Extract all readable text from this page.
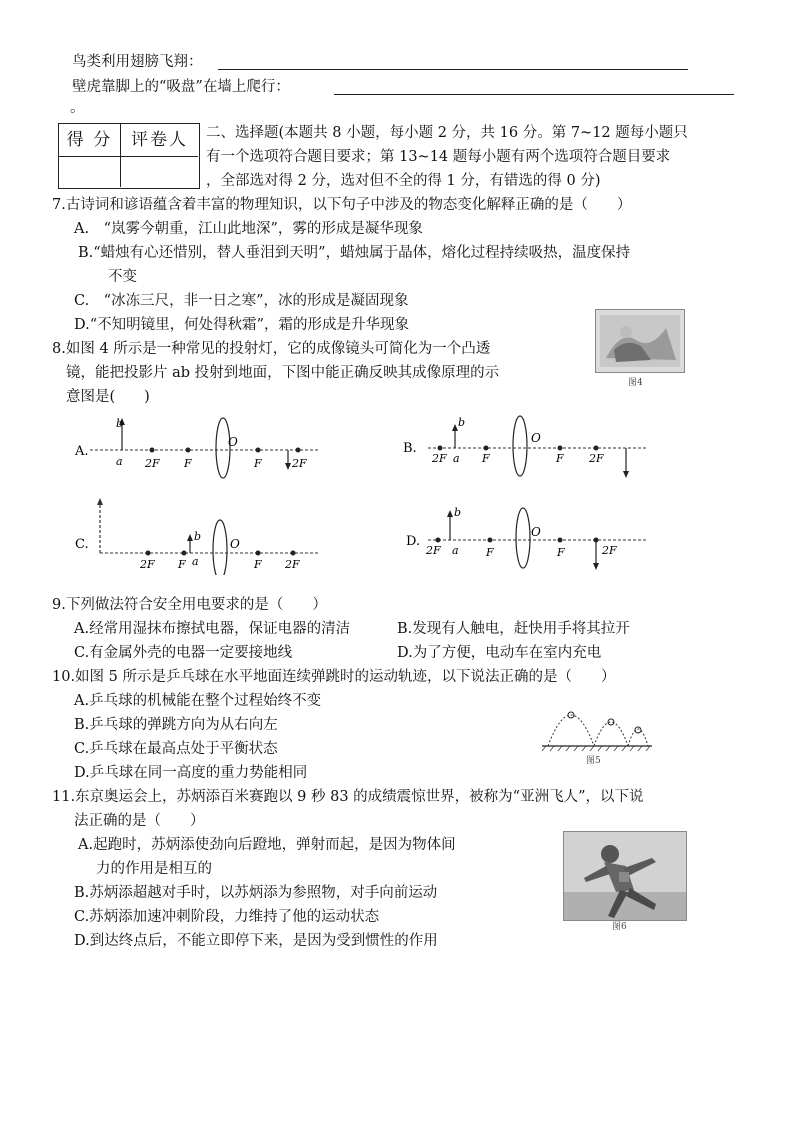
鸟类利用翅膀飞翔：
壁虎靠脚上的“吸盘”在墙上爬行：
。
得 分	评卷人	二、选择题(本题共 8 小题，每小题 2 分，共 16 分。第 7~12 题每小题只
有一个选项符合题目要求；第 13~14 题每小题有两个选项符合题目要求
，全部选对得 2 分，选对但不全的得 1 分，有错选的得 0 分)
7.古诗词和谚语蕴含着丰富的物理知识，以下句子中涉及的物态变化解释正确的是（　　）
A.　“岚雾今朝重，江山此地深”，雾的形成是凝华现象
B.“蜡烛有心还惜别，替人垂泪到天明”，蜡烛属于晶体，熔化过程持续吸热，温度保持
不变
C.　“冰冻三尺，非一日之寒”，冰的形成是凝固现象
D.“不知明镜里，何处得秋霜”，霜的形成是升华现象
图4
8.如图 4 所示是一种常见的投射灯，它的成像镜头可简化为一个凸透
镜，能把投影片 ab 投射到地面，下图中能正确反映其成像原理的示
意图是(　　)
A.
b
a 2F F
O
F	2F
B.
b
a
2F	F
O
F 2F
C.
b
a
2F F
O
F 2F
D.
b
a
2F	F
O
F	2F
9.下列做法符合安全用电要求的是（　　）
A.经常用湿抹布擦拭电器，保证电器的清洁	B.发现有人触电，赶快用手将其拉开
C.有金属外壳的电器一定要接地线	D.为了方便，电动车在室内充电
10.如图 5 所示是乒乓球在水平地面连续弹跳时的运动轨迹，以下说法正确的是（　　）
A.乒乓球的机械能在整个过程始终不变
B.乒乓球的弹跳方向为从右向左
C.乒乓球在最高点处于平衡状态
D.乒乓球在同一高度的重力势能相同
图5
11.东京奥运会上，苏炳添百米赛跑以 9 秒 83 的成绩震惊世界，被称为“亚洲飞人”，以下说
法正确的是（　　）
A.起跑时，苏炳添使劲向后蹬地，弹射而起，是因为物体间
力的作用是相互的
B.苏炳添超越对手时，以苏炳添为参照物，对手向前运动
C.苏炳添加速冲刺阶段，力维持了他的运动状态
D.到达终点后，不能立即停下来，是因为受到惯性的作用
图6
